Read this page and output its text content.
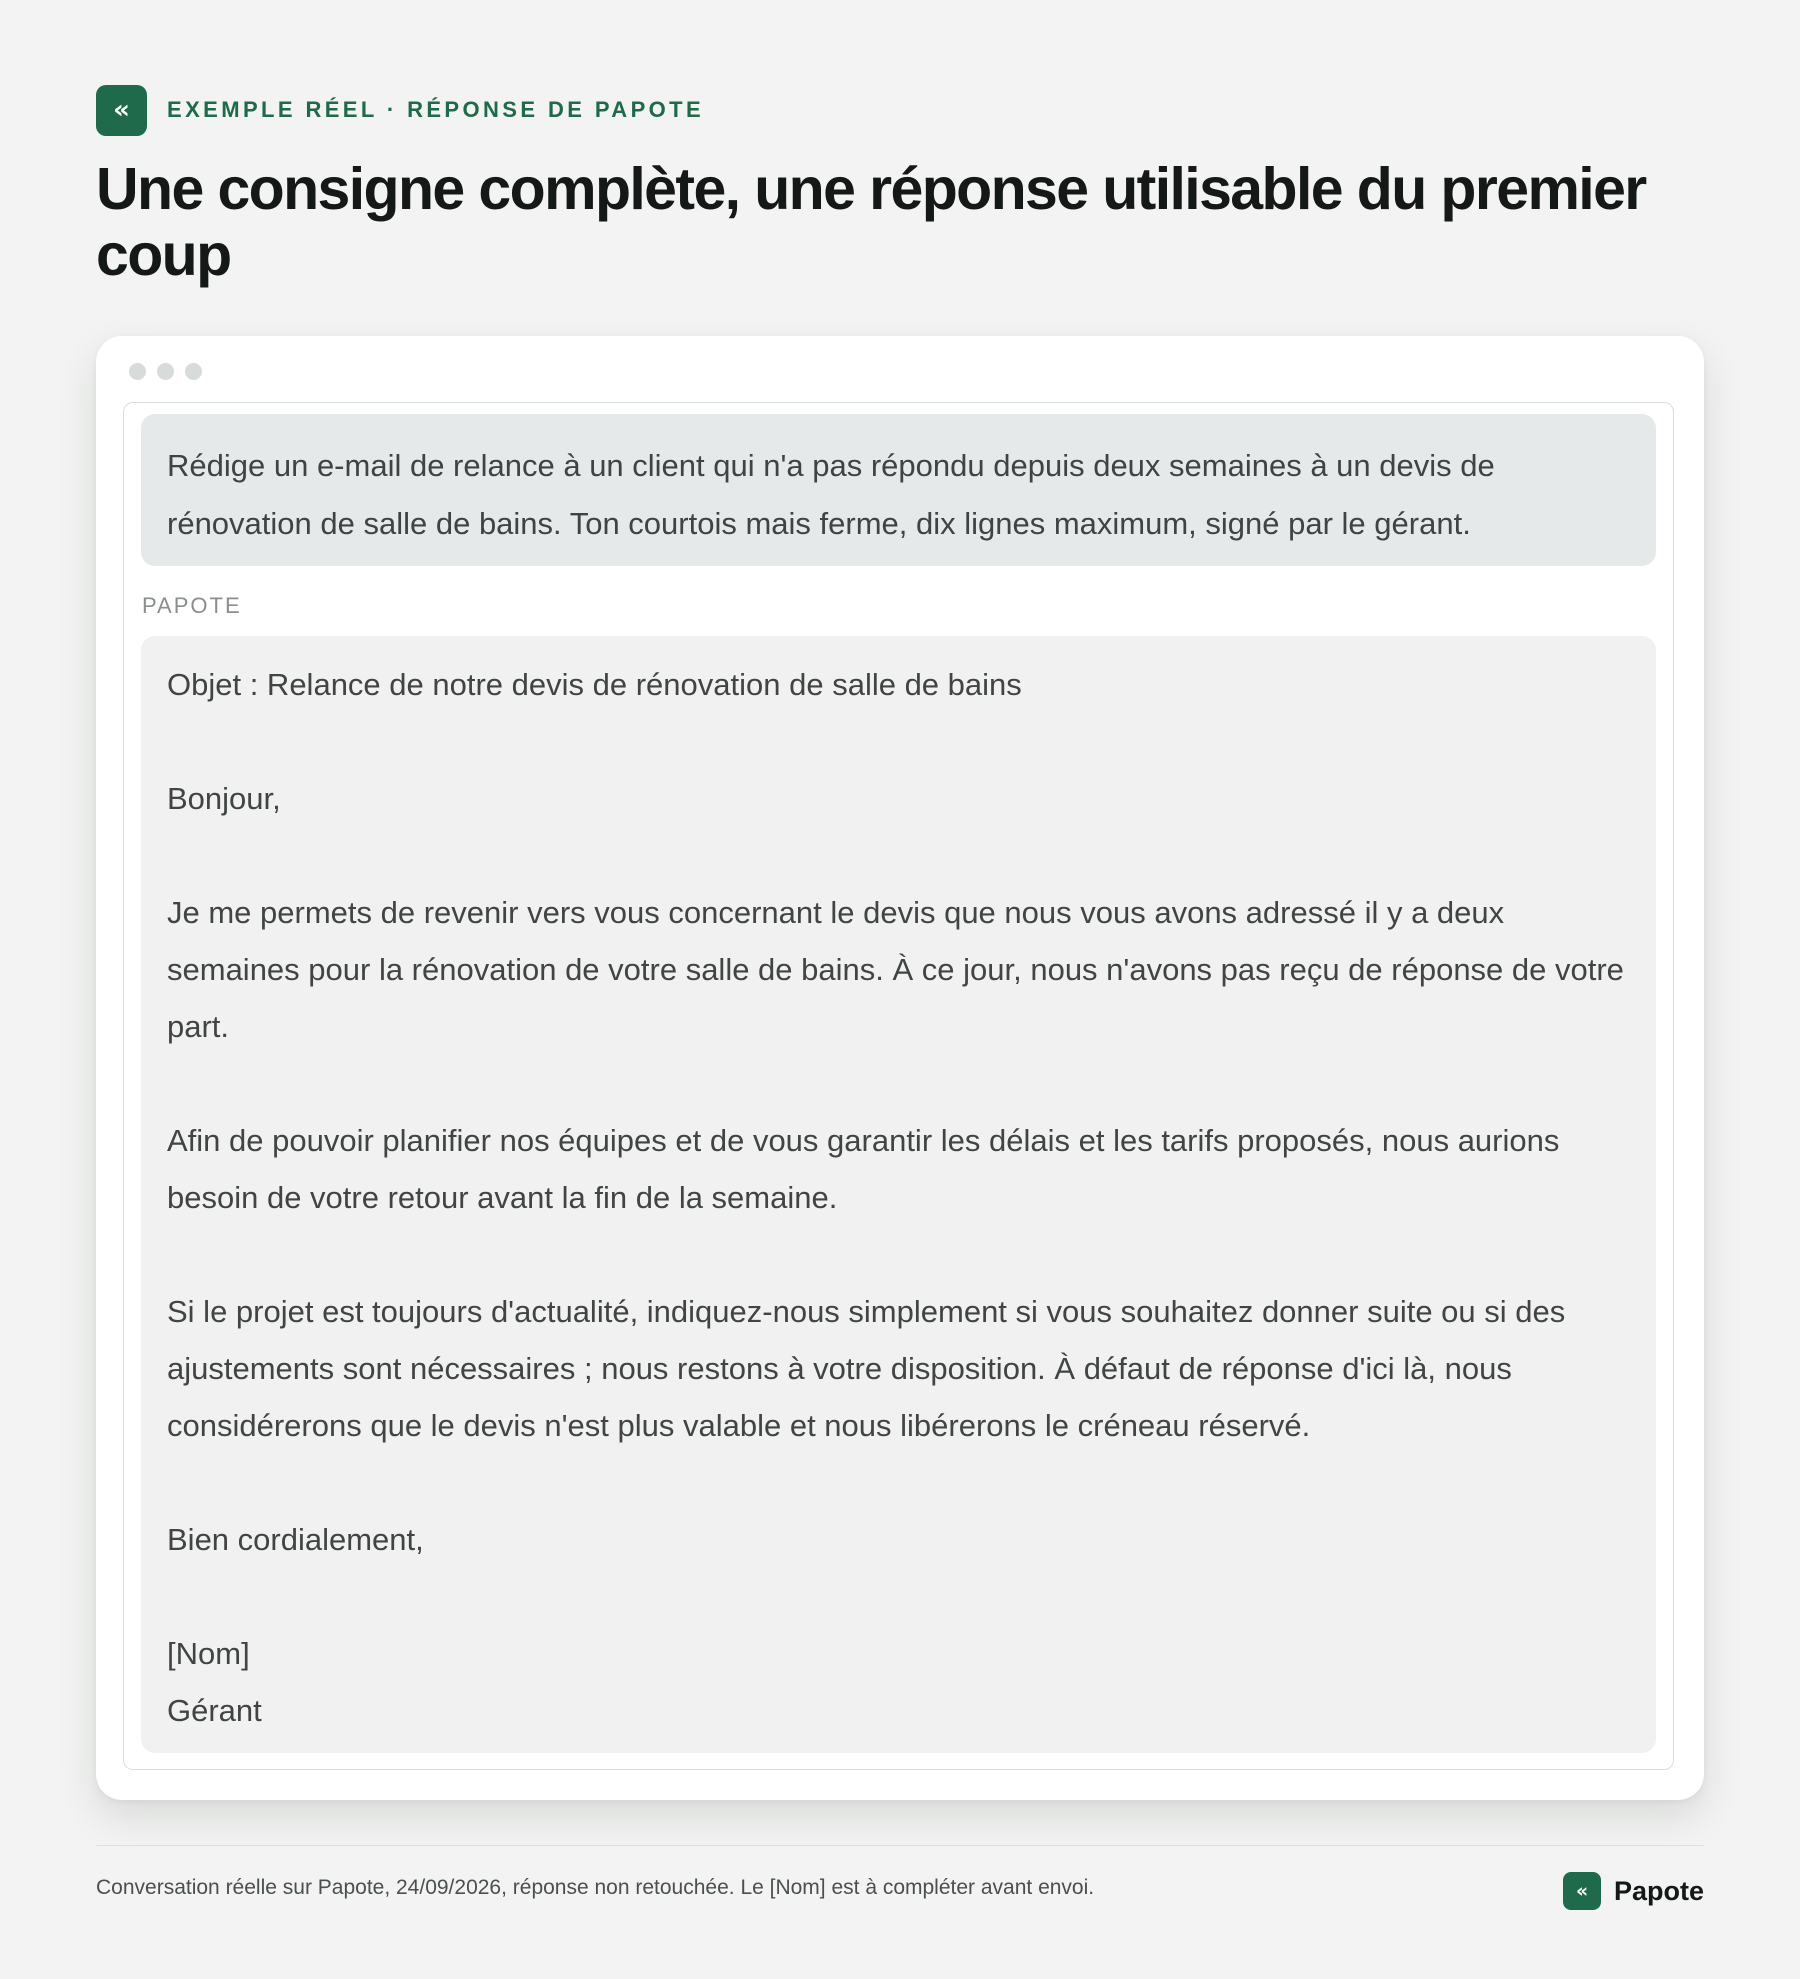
«	EXEMPLE RÉEL · RÉPONSE DE PAPOTE
Une consigne complète, une réponse utilisable du premier coup
Rédige un e-mail de relance à un client qui n'a pas répondu depuis deux semaines à un devis de rénovation de salle de bains. Ton courtois mais ferme, dix lignes maximum, signé par le gérant.
PAPOTE

Objet : Relance de notre devis de rénovation de salle de bains

Bonjour,

Je me permets de revenir vers vous concernant le devis que nous vous avons adressé il y a deux semaines pour la rénovation de votre salle de bains. À ce jour, nous n'avons pas reçu de réponse de votre part.

Afin de pouvoir planifier nos équipes et de vous garantir les délais et les tarifs proposés, nous aurions besoin de votre retour avant la fin de la semaine.

Si le projet est toujours d'actualité, indiquez-nous simplement si vous souhaitez donner suite ou si des ajustements sont nécessaires ; nous restons à votre disposition. À défaut de réponse d'ici là, nous considérerons que le devis n'est plus valable et nous libérerons le créneau réservé.

Bien cordialement,

[Nom]

Gérant

Conversation réelle sur Papote, 24/09/2026, réponse non retouchée. Le [Nom] est à compléter avant envoi.	« Papote
